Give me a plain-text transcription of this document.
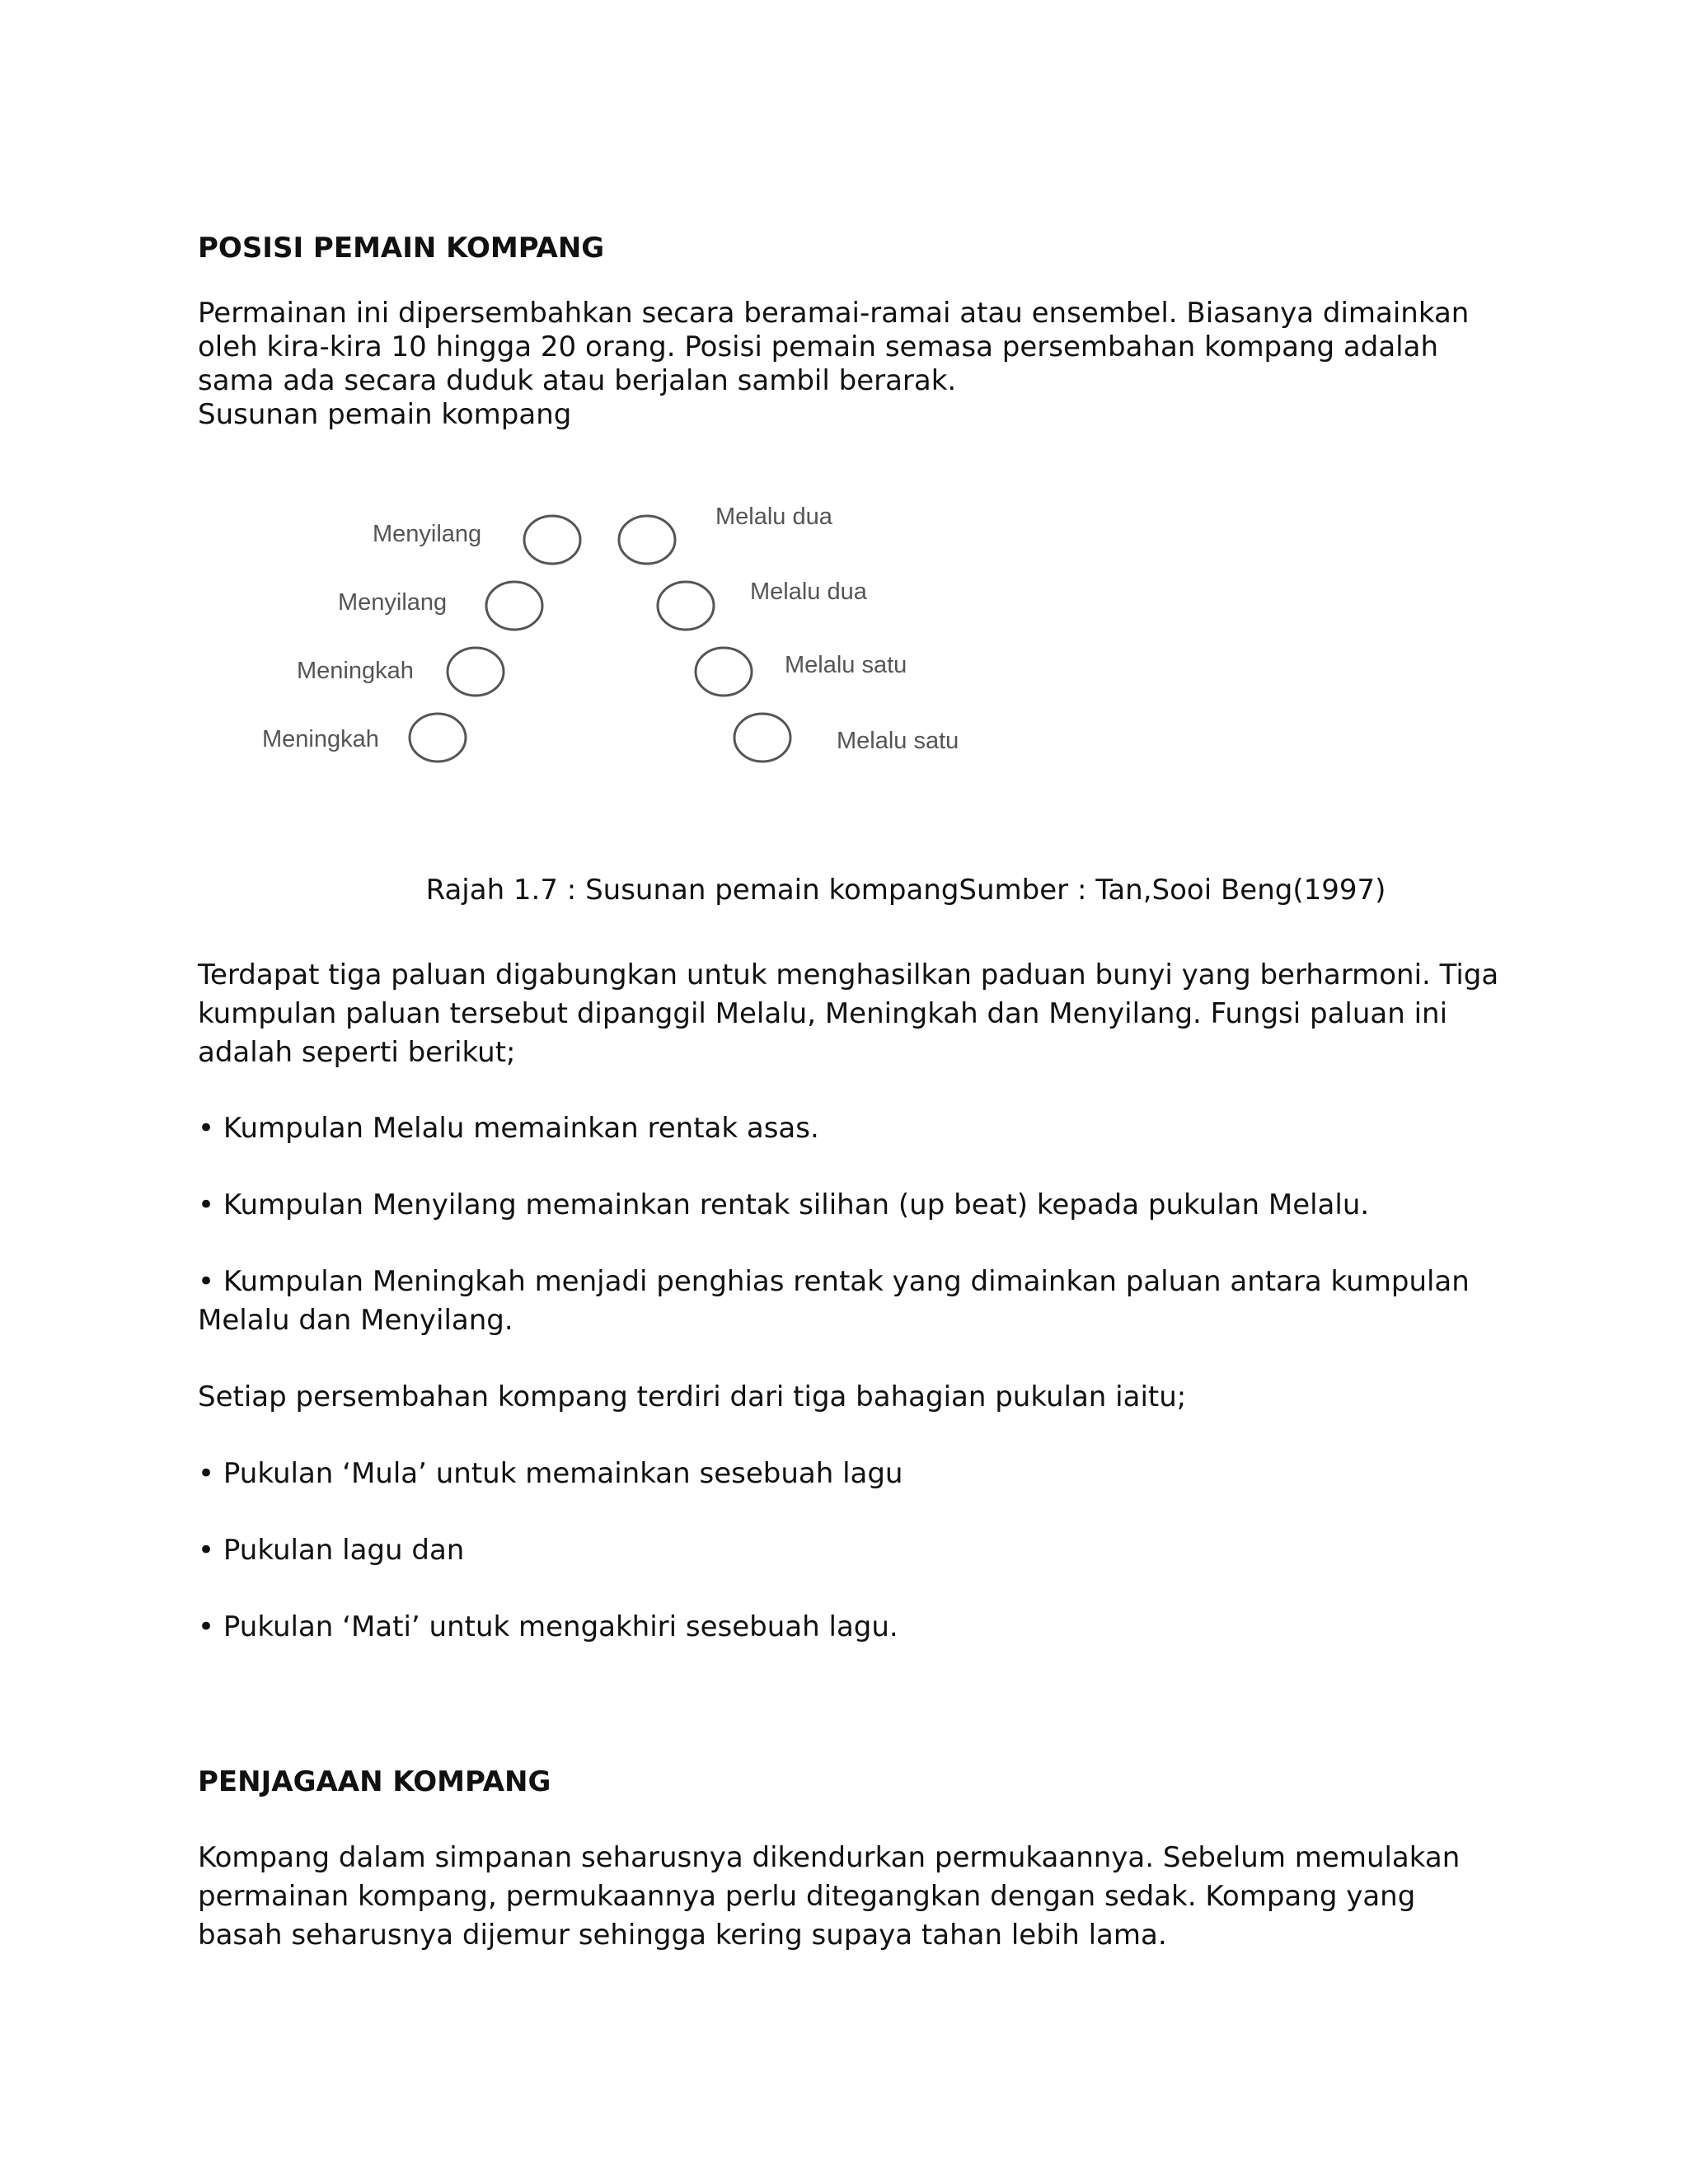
POSISI PEMAIN KOMPANG

Permainan ini dipersembahkan secara beramai-ramai atau ensembel. Biasanya dimainkan

oleh kira-kira 10 hingga 20 orang. Posisi pemain semasa persembahan kompang adalah

sama ada secara duduk atau berjalan sambil berarak.

Susunan pemain kompang

Menyilang
Menyilang
Meningkah
Meningkah
Melalu dua
Melalu dua
Melalu satu
Melalu satu

Rajah 1.7 : Susunan pemain kompangSumber : Tan,Sooi Beng(1997)

Terdapat tiga paluan digabungkan untuk menghasilkan paduan bunyi yang berharmoni. Tiga

kumpulan paluan tersebut dipanggil Melalu, Meningkah dan Menyilang. Fungsi paluan ini

adalah seperti berikut;

• Kumpulan Melalu memainkan rentak asas.

• Kumpulan Menyilang memainkan rentak silihan (up beat) kepada pukulan Melalu.

• Kumpulan Meningkah menjadi penghias rentak yang dimainkan paluan antara kumpulan

Melalu dan Menyilang.

Setiap persembahan kompang terdiri dari tiga bahagian pukulan iaitu;

• Pukulan ‘Mula’ untuk memainkan sesebuah lagu

• Pukulan lagu dan

• Pukulan ‘Mati’ untuk mengakhiri sesebuah lagu.

PENJAGAAN KOMPANG

Kompang dalam simpanan seharusnya dikendurkan permukaannya. Sebelum memulakan

permainan kompang, permukaannya perlu ditegangkan dengan sedak. Kompang yang

basah seharusnya dijemur sehingga kering supaya tahan lebih lama.
